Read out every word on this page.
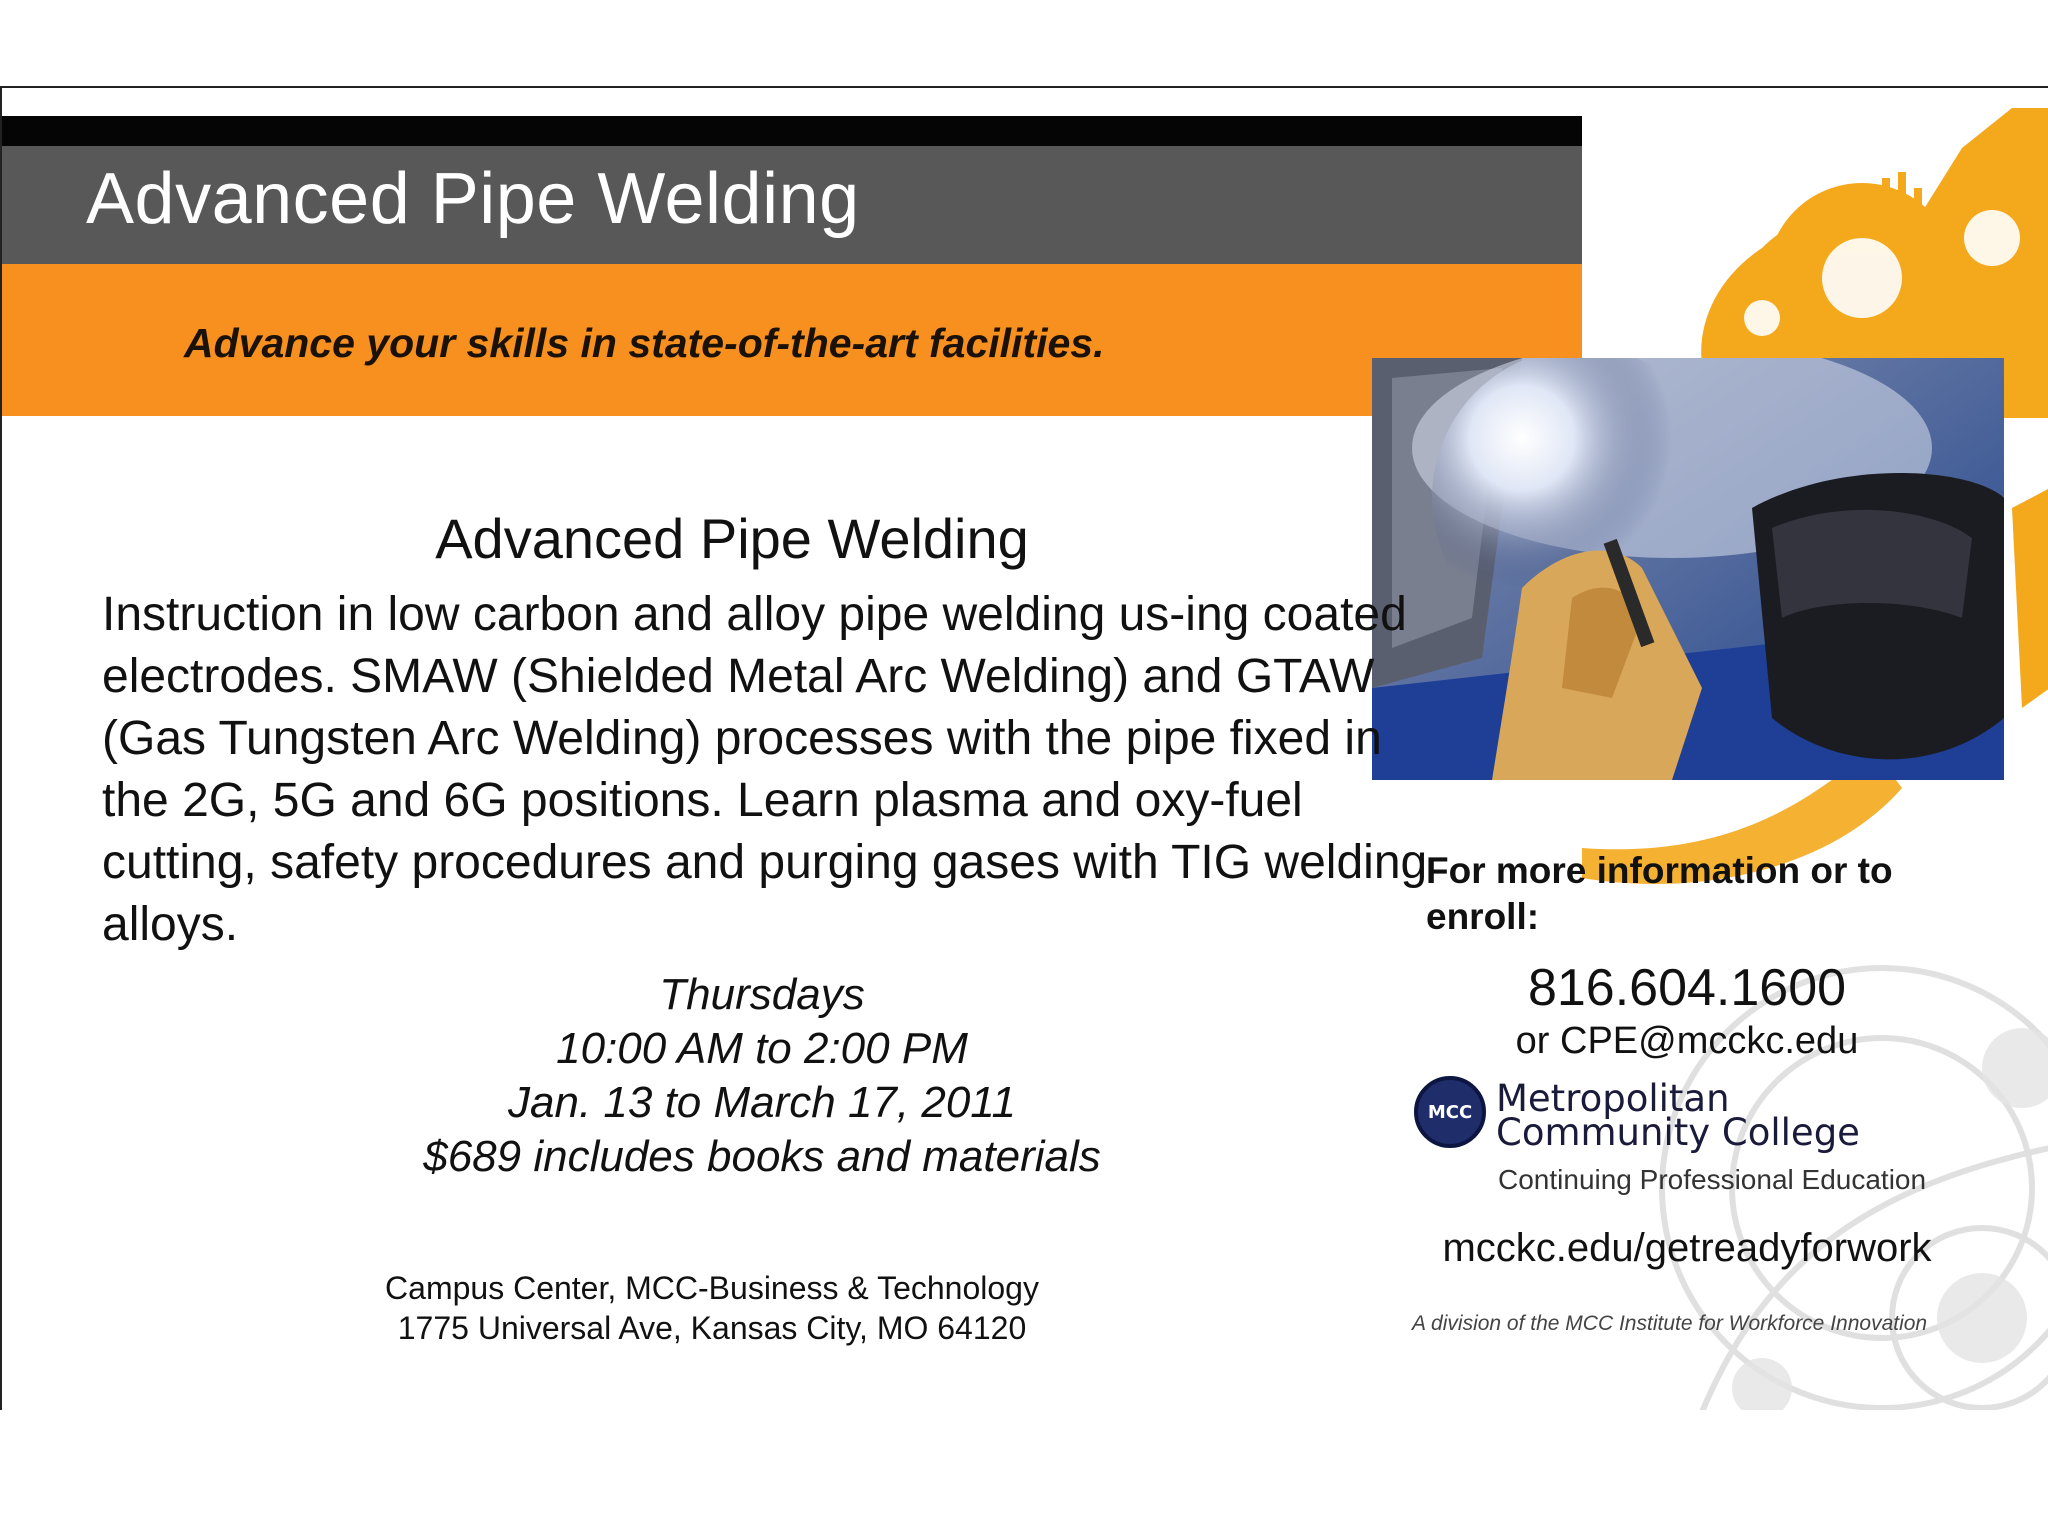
Advanced Pipe Welding
Advance your skills in state-of-the-art facilities.
Advanced Pipe Welding

Instruction in low carbon and alloy pipe welding us-ing coated electrodes. SMAW (Shielded Metal Arc Welding) and GTAW (Gas Tungsten Arc Welding) processes with the pipe fixed in the 2G, 5G and 6G positions. Learn plasma and oxy-fuel cutting, safety procedures and purging gases with TIG welding alloys.

Thursdays
10:00 AM to 2:00 PM
Jan. 13 to March 17, 2011
$689 includes books and materials
Campus Center, MCC-Business & Technology
1775 Universal Ave, Kansas City, MO 64120
For more information or to enroll:
816.604.1600
or CPE@mcckc.edu
MCC Metropolitan
Community College
Continuing Professional Education
mcckc.edu/getreadyforwork
A division of the MCC Institute for Workforce Innovation
